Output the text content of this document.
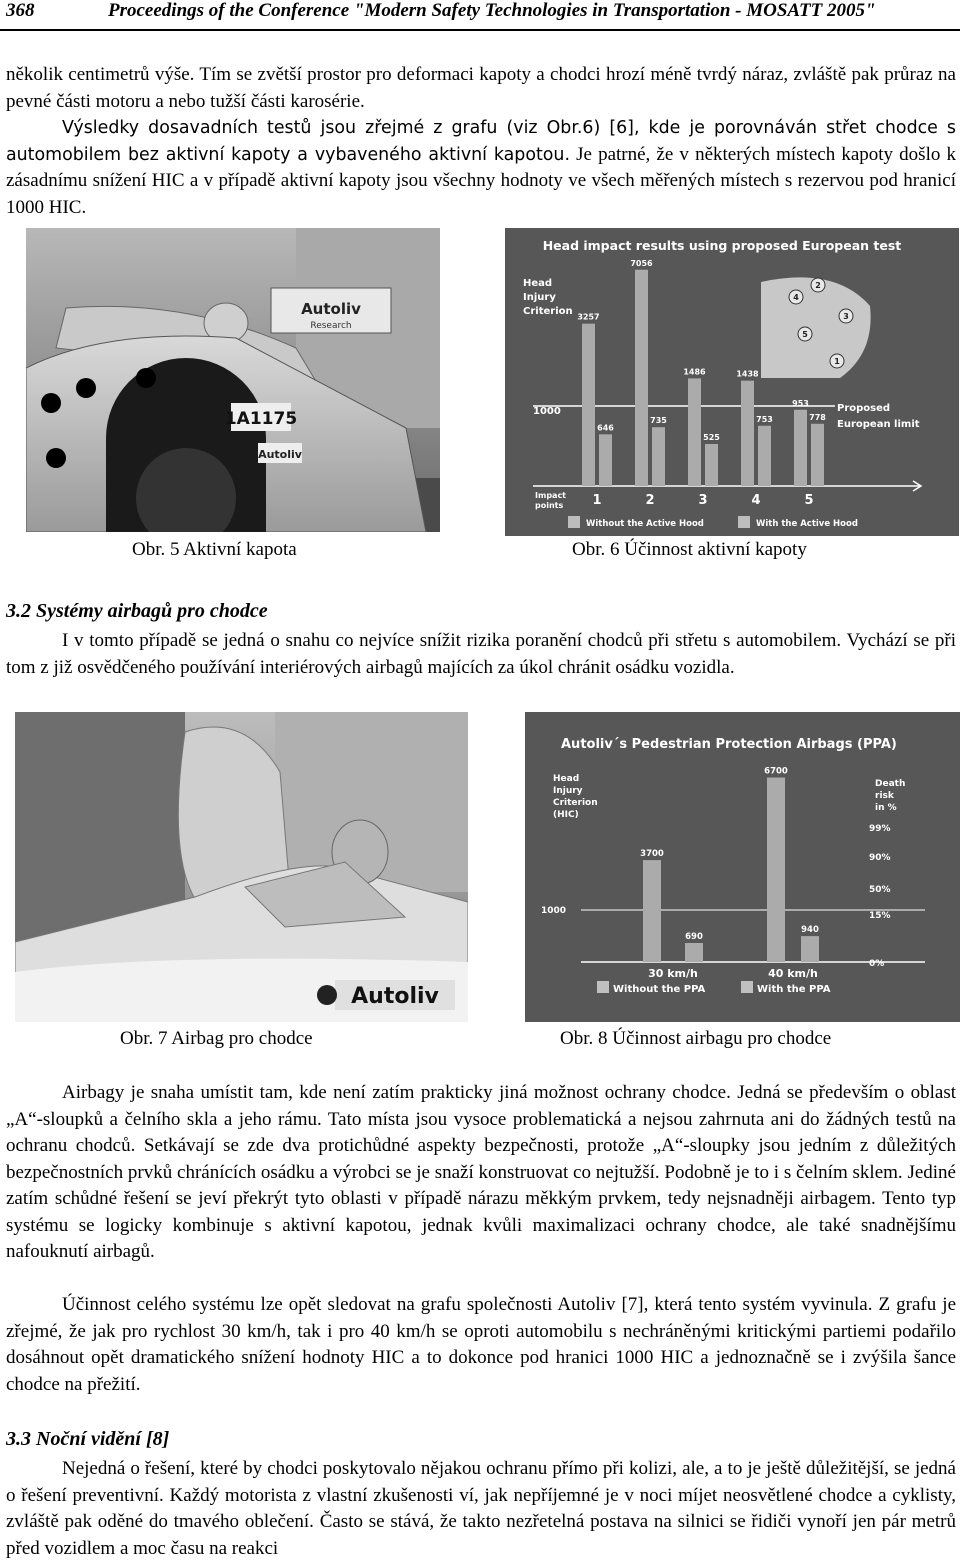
368	Proceedings of the Conference "Modern Safety Technologies in Transportation - MOSATT 2005"

několik centimetrů výše. Tím se zvětší prostor pro deformaci kapoty a chodci hrozí méně tvrdý náraz, zvláště pak průraz na pevné části motoru a nebo tužší části karosérie.

Výsledky dosavadních testů jsou zřejmé z grafu (viz Obr.6) [6], kde je porovnáván střet chodce s automobilem bez aktivní kapoty a vybaveného aktivní kapotou. Je patrné, že v některých místech kapoty došlo k zásadnímu snížení HIC a v případě aktivní kapoty jsou všechny hodnoty ve všech měřených místech s rezervou pod hranicí 1000 HIC.

1A1175
Autoliv
Research
Autoliv
Obr. 5 Aktivní kapota
Head impact results using proposed European test
Head
Injury
Criterion
1000	Proposed
European limit
1
2
3
4
5
Impact
points
Without the Active Hood	With the Active Hood
3257
646
1
7056
735
2
1486
525
3
1438
753
4
953
778
5
Obr. 6 Účinnost aktivní kapoty
3.2 Systémy airbagů pro chodce

I v tomto případě se jedná o snahu co nejvíce snížit rizika poranění chodců při střetu s automobilem. Vychází se při tom z již osvědčeného používání interiérových airbagů majících za úkol chránit osádku vozidla.

Autoliv
Obr. 7 Airbag pro chodce
Autoliv´s Pedestrian Protection Airbags (PPA)
Head
Injury
Criterion
(HIC)
Death
risk
in %
1000
99%
90%
50%
15%
0%
Without the PPA	With the PPA
3700
690
30 km/h
6700
940
40 km/h
Obr. 8 Účinnost airbagu pro chodce

Airbagy je snaha umístit tam, kde není zatím prakticky jiná možnost ochrany chodce. Jedná se především o oblast „A“-sloupků a čelního skla a jeho rámu. Tato místa jsou vysoce problematická a nejsou zahrnuta ani do žádných testů na ochranu chodců. Setkávají se zde dva protichůdné aspekty bezpečnosti, protože „A“-sloupky jsou jedním z důležitých bezpečnostních prvků chránících osádku a výrobci se je snaží konstruovat co nejtužší. Podobně je to i s čelním sklem. Jediné zatím schůdné řešení se jeví překrýt tyto oblasti v případě nárazu měkkým prvkem, tedy nejsnadněji airbagem. Tento typ systému se logicky kombinuje s aktivní kapotou, jednak kvůli maximalizaci ochrany chodce, ale také snadnějšímu nafouknutí airbagů.

Účinnost celého systému lze opět sledovat na grafu společnosti Autoliv [7], která tento systém vyvinula. Z grafu je zřejmé, že jak pro rychlost 30 km/h, tak i pro 40 km/h se oproti automobilu s nechráněnými kritickými partiemi podařilo dosáhnout opět dramatického snížení hodnoty HIC a to dokonce pod hranici 1000 HIC a jednoznačně se i zvýšila šance chodce na přežití.

3.3 Noční vidění [8]

Nejedná o řešení, které by chodci poskytovalo nějakou ochranu přímo při kolizi, ale, a to je ještě důležitější, se jedná o řešení preventivní. Každý motorista z vlastní zkušenosti ví, jak nepříjemné je v noci míjet neosvětlené chodce a cyklisty, zvláště pak oděné do tmavého oblečení. Často se stává, že takto nezřetelná postava na silnici se řidiči vynoří jen pár metrů před vozidlem a moc času na reakci
